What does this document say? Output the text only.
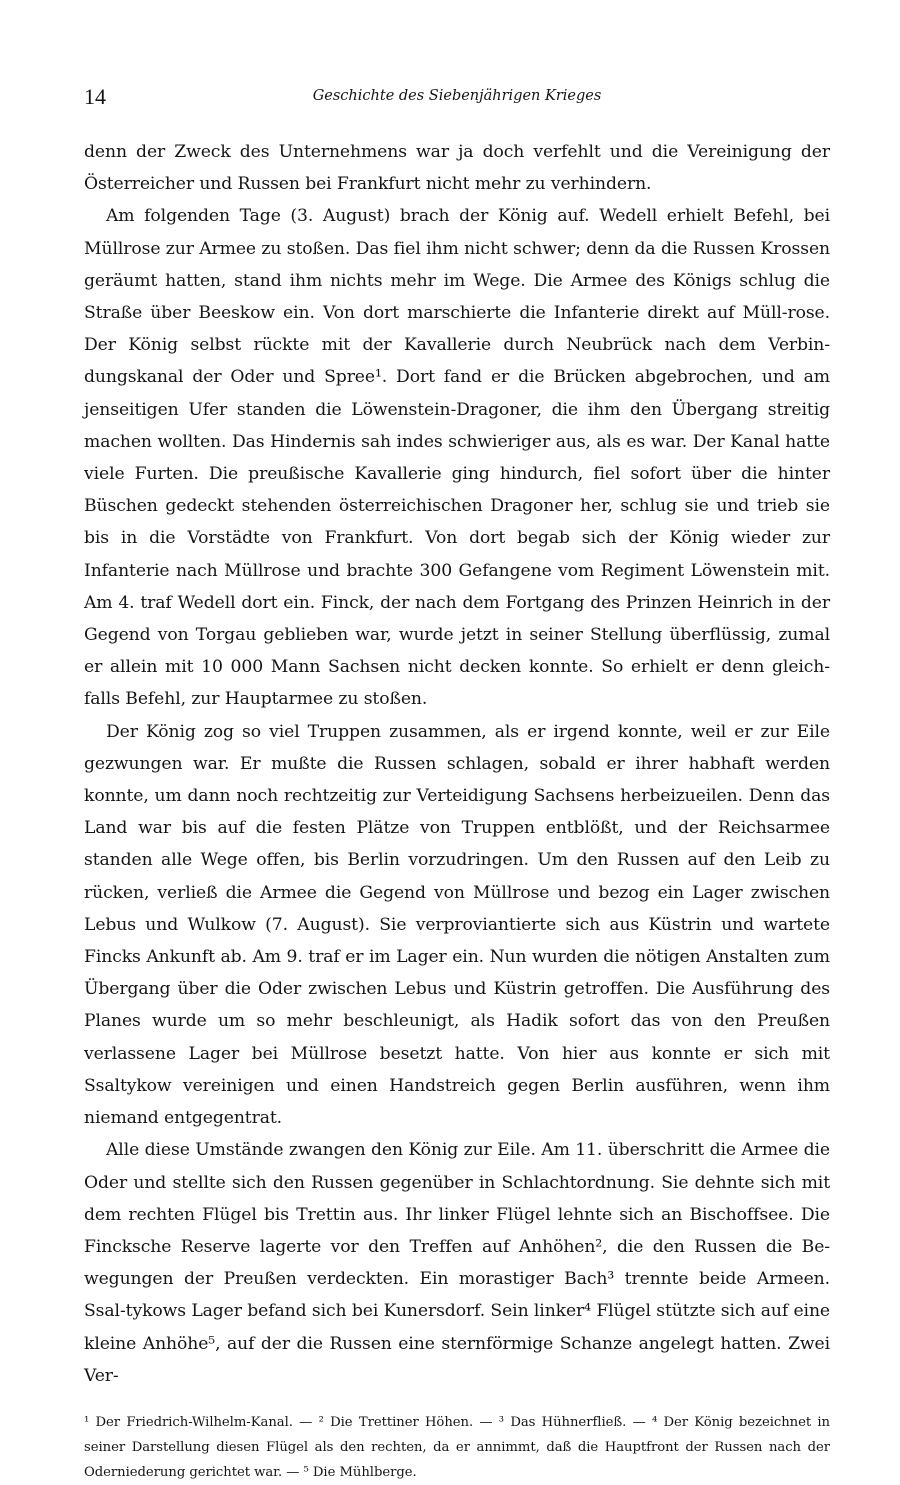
14	Geschichte des Siebenjährigen Krieges

denn der Zweck des Unternehmens war ja doch verfehlt und die Vereinigung der Österreicher und Russen bei Frankfurt nicht mehr zu verhindern.

Am folgenden Tage (3. August) brach der König auf. Wedell erhielt Befehl, bei Müllrose zur Armee zu stoßen. Das fiel ihm nicht schwer; denn da die Russen Krossen geräumt hatten, stand ihm nichts mehr im Wege. Die Armee des Königs schlug die Straße über Beeskow ein. Von dort marschierte die Infanterie direkt auf Müll-rose. Der König selbst rückte mit der Kavallerie durch Neubrück nach dem Verbin-dungskanal der Oder und Spree¹. Dort fand er die Brücken abgebrochen, und am jenseitigen Ufer standen die Löwenstein-Dragoner, die ihm den Übergang streitig machen wollten. Das Hindernis sah indes schwieriger aus, als es war. Der Kanal hatte viele Furten. Die preußische Kavallerie ging hindurch, fiel sofort über die hinter Büschen gedeckt stehenden österreichischen Dragoner her, schlug sie und trieb sie bis in die Vorstädte von Frankfurt. Von dort begab sich der König wieder zur Infanterie nach Müllrose und brachte 300 Gefangene vom Regiment Löwenstein mit. Am 4. traf Wedell dort ein. Finck, der nach dem Fortgang des Prinzen Heinrich in der Gegend von Torgau geblieben war, wurde jetzt in seiner Stellung überflüssig, zumal er allein mit 10 000 Mann Sachsen nicht decken konnte. So erhielt er denn gleich-falls Befehl, zur Hauptarmee zu stoßen.

Der König zog so viel Truppen zusammen, als er irgend konnte, weil er zur Eile gezwungen war. Er mußte die Russen schlagen, sobald er ihrer habhaft werden konnte, um dann noch rechtzeitig zur Verteidigung Sachsens herbeizueilen. Denn das Land war bis auf die festen Plätze von Truppen entblößt, und der Reichsarmee standen alle Wege offen, bis Berlin vorzudringen. Um den Russen auf den Leib zu rücken, verließ die Armee die Gegend von Müllrose und bezog ein Lager zwischen Lebus und Wulkow (7. August). Sie verproviantierte sich aus Küstrin und wartete Fincks Ankunft ab. Am 9. traf er im Lager ein. Nun wurden die nötigen Anstalten zum Übergang über die Oder zwischen Lebus und Küstrin getroffen. Die Ausführung des Planes wurde um so mehr beschleunigt, als Hadik sofort das von den Preußen verlassene Lager bei Müllrose besetzt hatte. Von hier aus konnte er sich mit Ssaltykow vereinigen und einen Handstreich gegen Berlin ausführen, wenn ihm niemand entgegentrat.

Alle diese Umstände zwangen den König zur Eile. Am 11. überschritt die Armee die Oder und stellte sich den Russen gegenüber in Schlachtordnung. Sie dehnte sich mit dem rechten Flügel bis Trettin aus. Ihr linker Flügel lehnte sich an Bischoffsee. Die Fincksche Reserve lagerte vor den Treffen auf Anhöhen², die den Russen die Be-wegungen der Preußen verdeckten. Ein morastiger Bach³ trennte beide Armeen. Ssal-tykows Lager befand sich bei Kunersdorf. Sein linker⁴ Flügel stützte sich auf eine kleine Anhöhe⁵, auf der die Russen eine sternförmige Schanze angelegt hatten. Zwei Ver-

¹ Der Friedrich-Wilhelm-Kanal. — ² Die Trettiner Höhen. — ³ Das Hühnerfließ. — ⁴ Der König bezeichnet in seiner Darstellung diesen Flügel als den rechten, da er annimmt, daß die Hauptfront der Russen nach der Oderniederung gerichtet war. — ⁵ Die Mühlberge.
